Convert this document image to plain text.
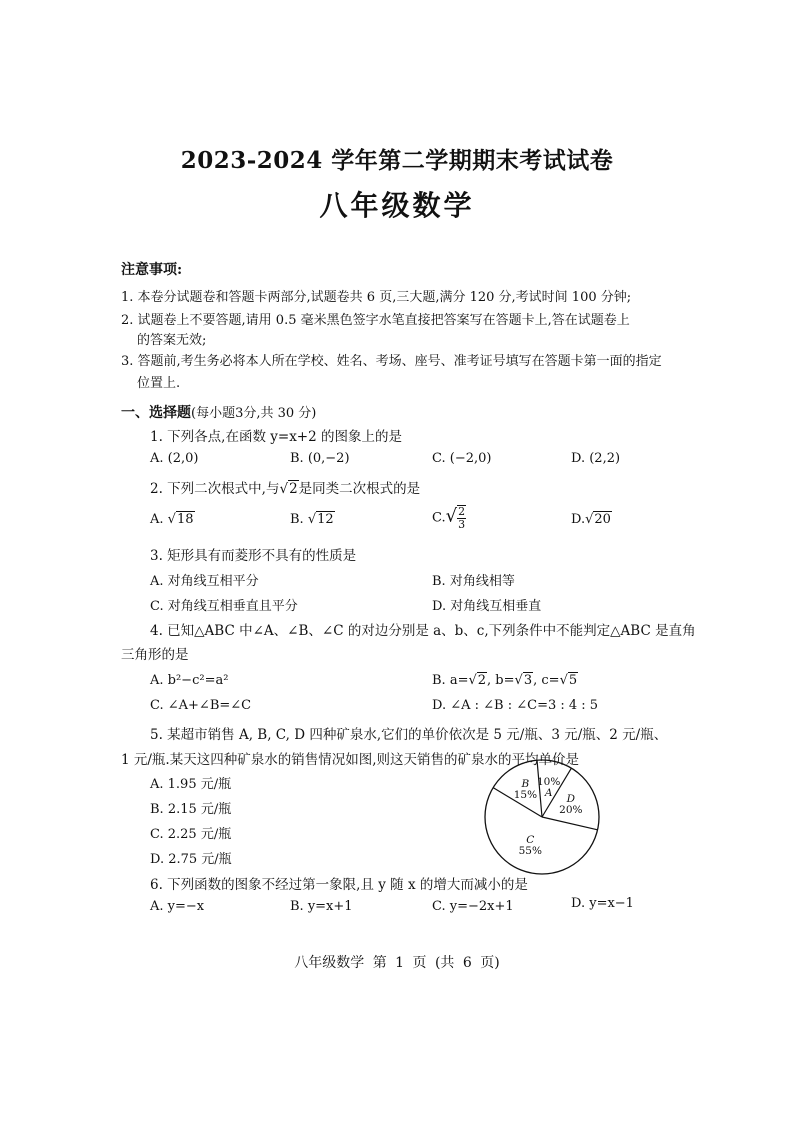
2023-2024 学年第二学期期末考试试卷
八年级数学
注意事项:
1. 本卷分试题卷和答题卡两部分,试题卷共 6 页,三大题,满分 120 分,考试时间 100 分钟;
2. 试题卷上不要答题,请用 0.5 毫米黑色签字水笔直接把答案写在答题卡上,答在试题卷上
的答案无效;
3. 答题前,考生务必将本人所在学校、姓名、考场、座号、准考证号填写在答题卡第一面的指定
位置上.
一、选择题(每小题3分,共 30 分)
1. 下列各点,在函数 y=x+2 的图象上的是
A. (2,0)	B. (0,−2)	C. (−2,0)	D. (2,2)
2. 下列二次根式中,与√2是同类二次根式的是
A. √18	B. √12	$C.√ \frac{2}{3}$	D.√20
3. 矩形具有而菱形不具有的性质是
A. 对角线互相平分	B. 对角线相等
C. 对角线互相垂直且平分	D. 对角线互相垂直
4. 已知△ABC 中∠A、∠B、∠C 的对边分别是 a、b、c,下列条件中不能判定△ABC 是直角
三角形的是
A. b²−c²=a²	B. a=√2, b=√3, c=√5
C. ∠A+∠B=∠C	D. ∠A : ∠B : ∠C=3 : 4 : 5
5. 某超市销售 A, B, C, D 四种矿泉水,它们的单价依次是 5 元/瓶、3 元/瓶、2 元/瓶、
1 元/瓶.某天这四种矿泉水的销售情况如图,则这天销售的矿泉水的平均单价是
A. 1.95 元/瓶
B. 2.15 元/瓶
C. 2.25 元/瓶
D. 2.75 元/瓶
10%
A	D
20%
C
55%
B
15%
6. 下列函数的图象不经过第一象限,且 y 随 x 的增大而减小的是
A. y=−x	B. y=x+1	C. y=−2x+1	D. y=x−1
八年级数学 第 1 页 (共 6 页)
